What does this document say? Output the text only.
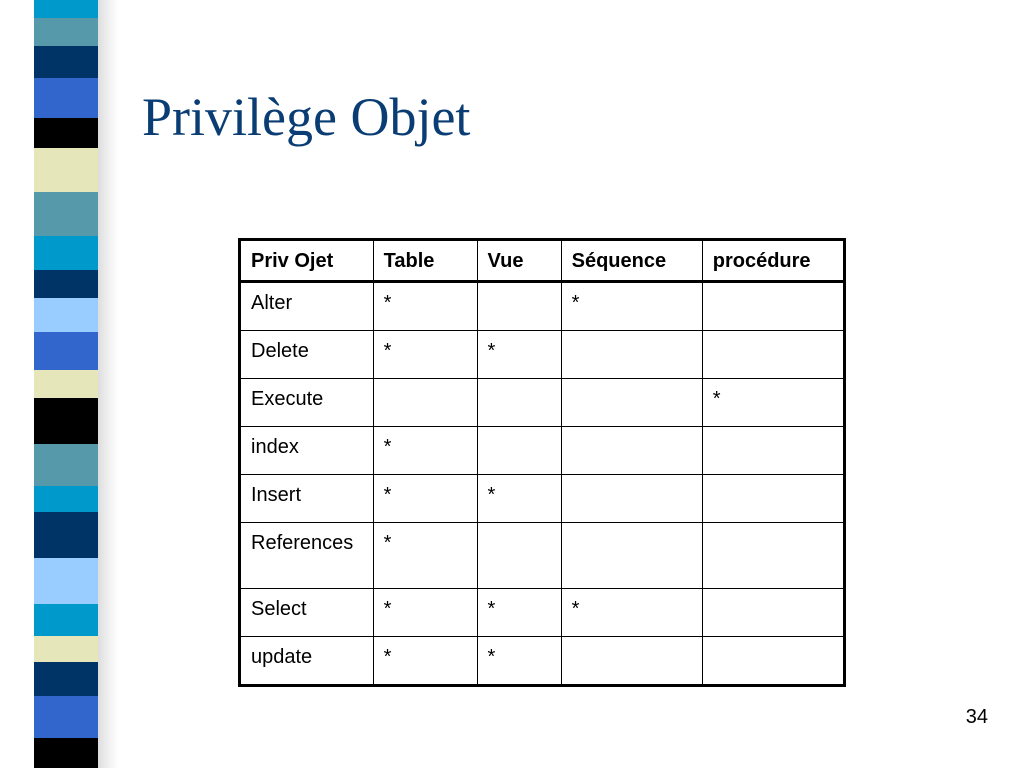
Privilège Objet
Priv Ojet	Table	Vue	Séquence	procédure
Alter	*		*	
Delete	*	*		
Execute				*
index	*			
Insert	*	*		
References	*			
Select	*	*	*	
update	*	*		
34
